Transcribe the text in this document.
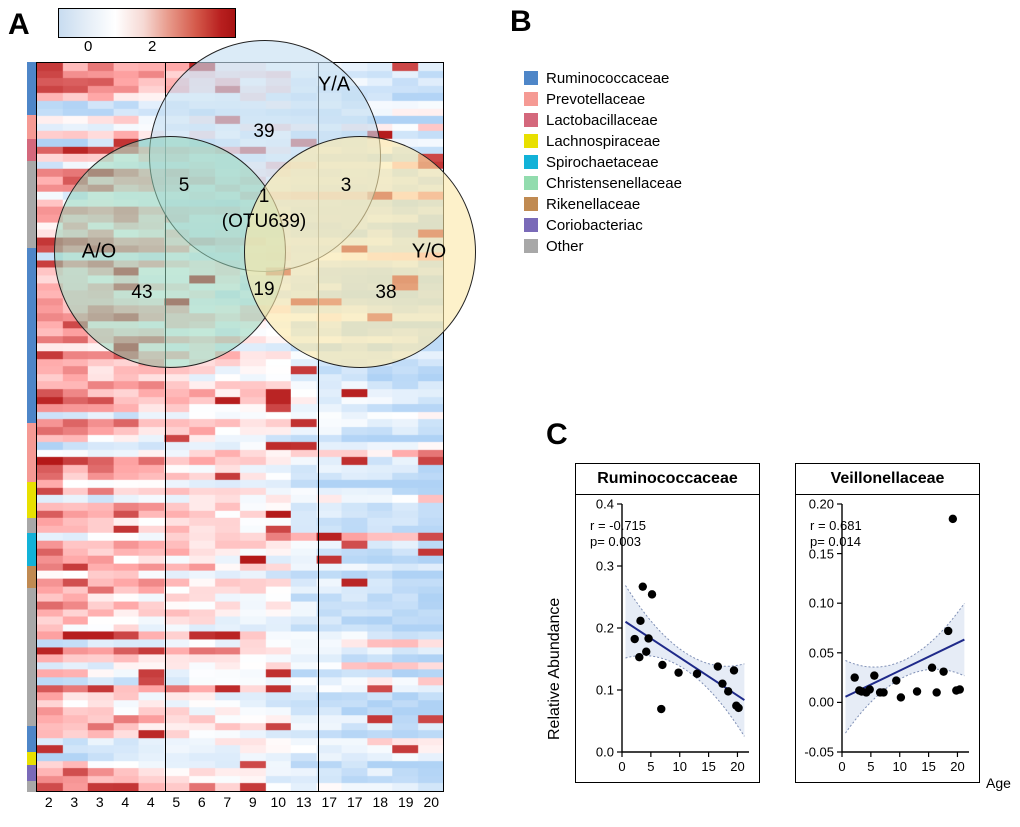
A
0	2
2 3 3 4 4 5 6 7 9 10 13 17 17 18 19 20
Ruminococcaceae
Prevotellaceae
Lactobacillaceae
Lachnospiraceae
Spirochaetaceae
Christensenellaceae
Rikenellaceae
Coriobacteriac
Other
B
Y/A
A/O	Y/O
39
43	38
5	3
19
1
(OTU639)
C
Ruminococcaceae
r = -0.715
p= 0.003
0 5 10 15 20
0.0
0.1
0.2
0.3
0.4
Relative Abundance
Veillonellaceae
r = 0.681
p= 0.014
0 5 10 15 20
-0.05
0.00
0.05
0.10
0.15
0.20
Age
